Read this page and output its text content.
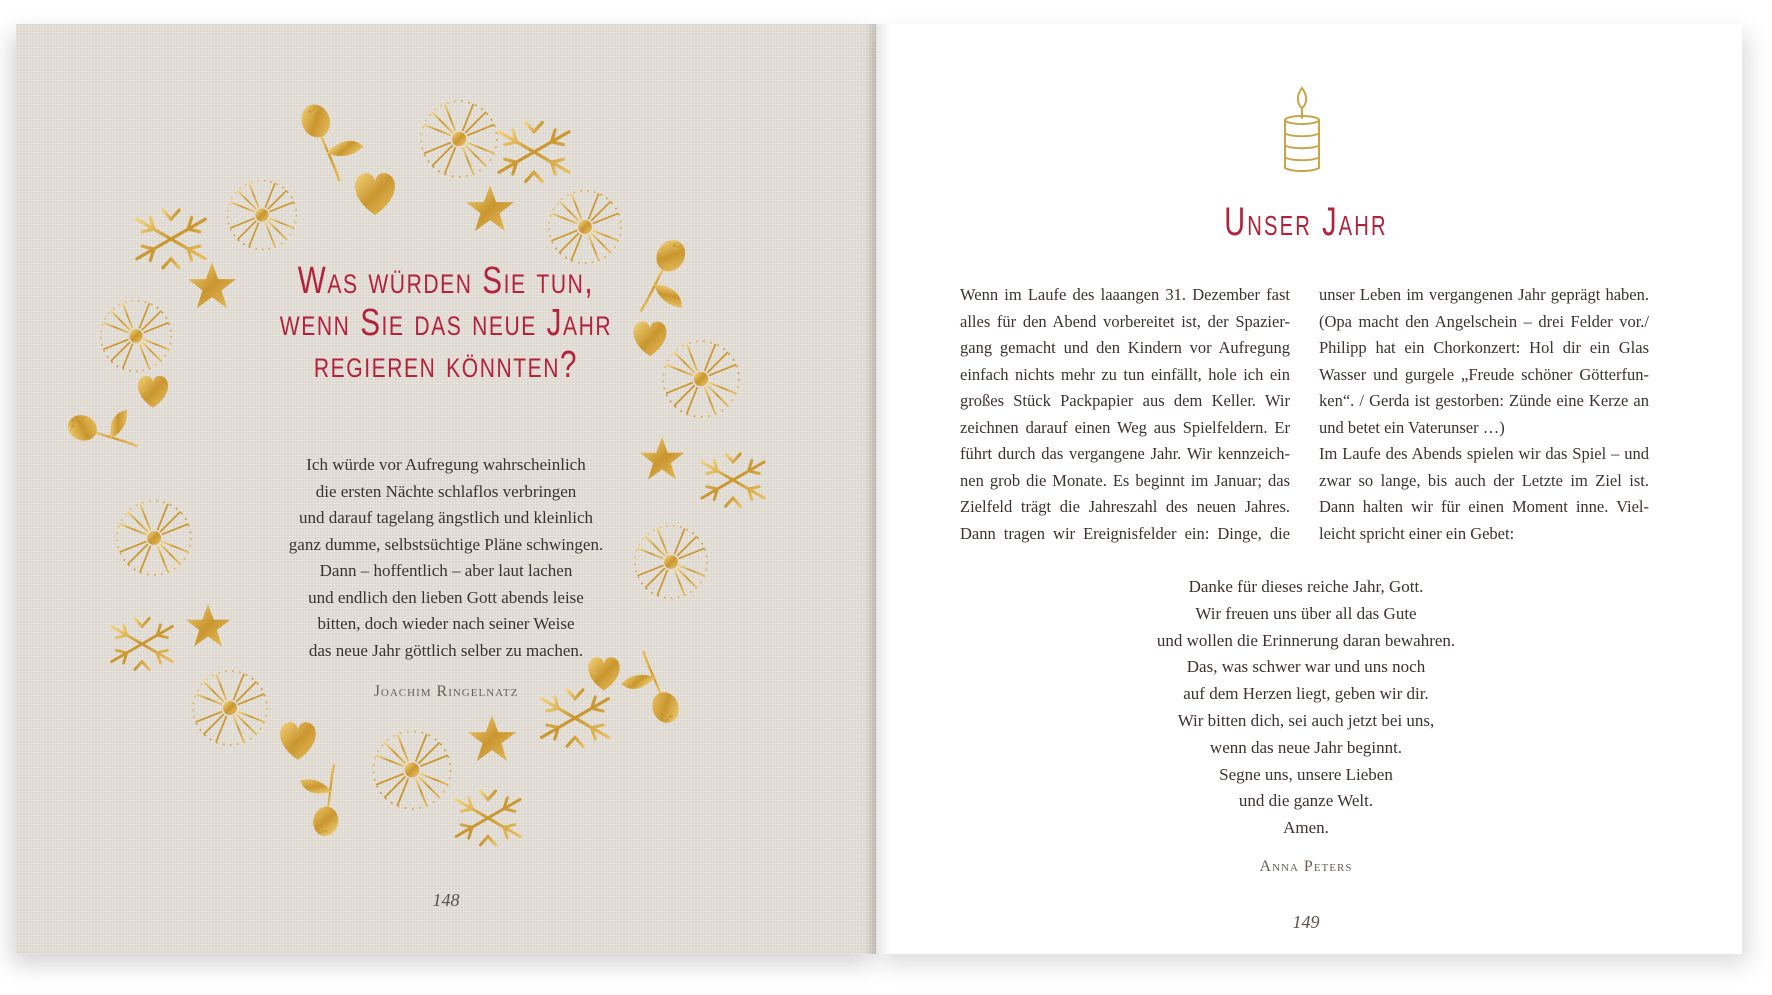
Was würden Sie tun,
wenn Sie das neue Jahr
regieren könnten?
Ich würde vor Aufregung wahrscheinlich
die ersten Nächte schlaflos verbringen
und darauf tagelang ängstlich und kleinlich
ganz dumme, selbstsüchtige Pläne schwingen.
Dann – hoffentlich – aber laut lachen
und endlich den lieben Gott abends leise
bitten, doch wieder nach seiner Weise
das neue Jahr göttlich selber zu machen.
Joachim Ringelnatz
148
Unser Jahr
Wenn im Laufe des laaangen 31. Dezember fast
alles für den Abend vorbereitet ist, der Spazier-
gang gemacht und den Kindern vor Aufregung
einfach nichts mehr zu tun einfällt, hole ich ein
großes Stück Packpapier aus dem Keller. Wir
zeichnen darauf einen Weg aus Spielfeldern. Er
führt durch das vergangene Jahr. Wir kennzeich-
nen grob die Monate. Es beginnt im Januar; das
Zielfeld trägt die Jahreszahl des neuen Jahres.
Dann tragen wir Ereignisfelder ein: Dinge, die
unser Leben im vergangenen Jahr geprägt haben.
(Opa macht den Angelschein – drei Felder vor./
Philipp hat ein Chorkonzert: Hol dir ein Glas
Wasser und gurgele „Freude schöner Götterfun-
ken“. / Gerda ist gestorben: Zünde eine Kerze an
und betet ein Vaterunser …)
Im Laufe des Abends spielen wir das Spiel – und
zwar so lange, bis auch der Letzte im Ziel ist.
Dann halten wir für einen Moment inne. Viel-
leicht spricht einer ein Gebet:
Danke für dieses reiche Jahr, Gott.
Wir freuen uns über all das Gute
und wollen die Erinnerung daran bewahren.
Das, was schwer war und uns noch
auf dem Herzen liegt, geben wir dir.
Wir bitten dich, sei auch jetzt bei uns,
wenn das neue Jahr beginnt.
Segne uns, unsere Lieben
und die ganze Welt.
Amen.
Anna Peters
149
